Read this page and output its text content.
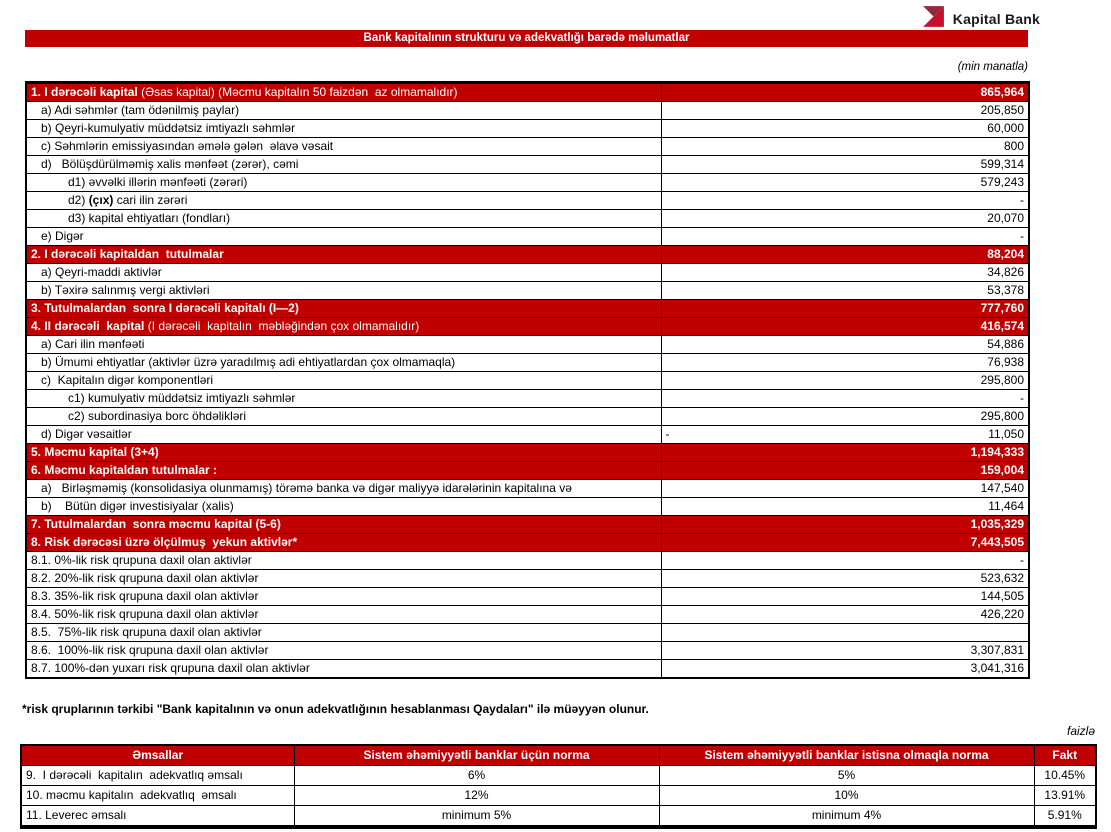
Kapital Bank
Bank kapitalının strukturu və adekvatlığı barədə məlumatlar
(min manatla)
1. I dərəcəli kapital (Əsas kapital) (Məcmu kapitalın 50 faizdən  az olmamalıdır)	865,964
a) Adi səhmlər (tam ödənilmiş paylar)	205,850
b) Qeyri-kumulyativ müddətsiz imtiyazlı səhmlər	60,000
c) Səhmlərin emissiyasından əmələ gələn  əlavə vəsait	800
d)   Bölüşdürülməmiş xalis mənfəət (zərər), cəmi	599,314
d1) əvvəlki illərin mənfəəti (zərəri)	579,243
d2) (çıx) cari ilin zərəri	-
d3) kapital ehtiyatları (fondları)	20,070
e) Digər	-
2. I dərəcəli kapitaldan  tutulmalar	88,204
a) Qeyri-maddi aktivlər	34,826
b) Təxirə salınmış vergi aktivləri	53,378
3. Tutulmalardan  sonra I dərəcəli kapitalı (I—2)	777,760
4. II dərəcəli  kapital (I dərəcəli  kapitalın  məbləğindən çox olmamalıdır)	416,574
a) Cari ilin mənfəəti	54,886
b) Ümumi ehtiyatlar (aktivlər üzrə yaradılmış adi ehtiyatlardan çox olmamaqla)	76,938
c)  Kapitalın digər komponentləri	295,800
c1) kumulyativ müddətsiz imtiyazlı səhmlər	-
c2) subordinasiya borc öhdəlikləri	295,800
d) Digər vəsaitlər	- 11,050
5. Məcmu kapital (3+4)	1,194,333
6. Məcmu kapitaldan tutulmalar :	159,004
a)   Birləşməmiş (konsolidasiya olunmamış) törəmə banka və digər maliyyə idarələrinin kapitalına və	147,540
b)    Bütün digər investisiyalar (xalis)	11,464
7. Tutulmalardan  sonra məcmu kapital (5-6)	1,035,329
8. Risk dərəcəsi üzrə ölçülmuş  yekun aktivlər*	7,443,505
8.1. 0%-lik risk qrupuna daxil olan aktivlər	-
8.2. 20%-lik risk qrupuna daxil olan aktivlər	523,632
8.3. 35%-lik risk qrupuna daxil olan aktivlər	144,505
8.4. 50%-lik risk qrupuna daxil olan aktivlər	426,220
8.5.  75%-lik risk qrupuna daxil olan aktivlər	
8.6.  100%-lik risk qrupuna daxil olan aktivlər	3,307,831
8.7. 100%-dən yuxarı risk qrupuna daxil olan aktivlər	3,041,316
*risk qruplarının tərkibi "Bank kapitalının və onun adekvatlığının hesablanması Qaydaları" ilə müəyyən olunur.
faizlə
Əmsallar	Sistem əhəmiyyətli banklar üçün norma	Sistem əhəmiyyətli banklar istisna olmaqla norma	Fakt
9.  I dərəcəli  kapitalın  adekvatlıq əmsalı	6%	5%	10.45%
10. məcmu kapitalın  adekvatlıq  əmsalı	12%	10%	13.91%
11. Leverec əmsalı	minimum 5%	minimum 4%	5.91%
